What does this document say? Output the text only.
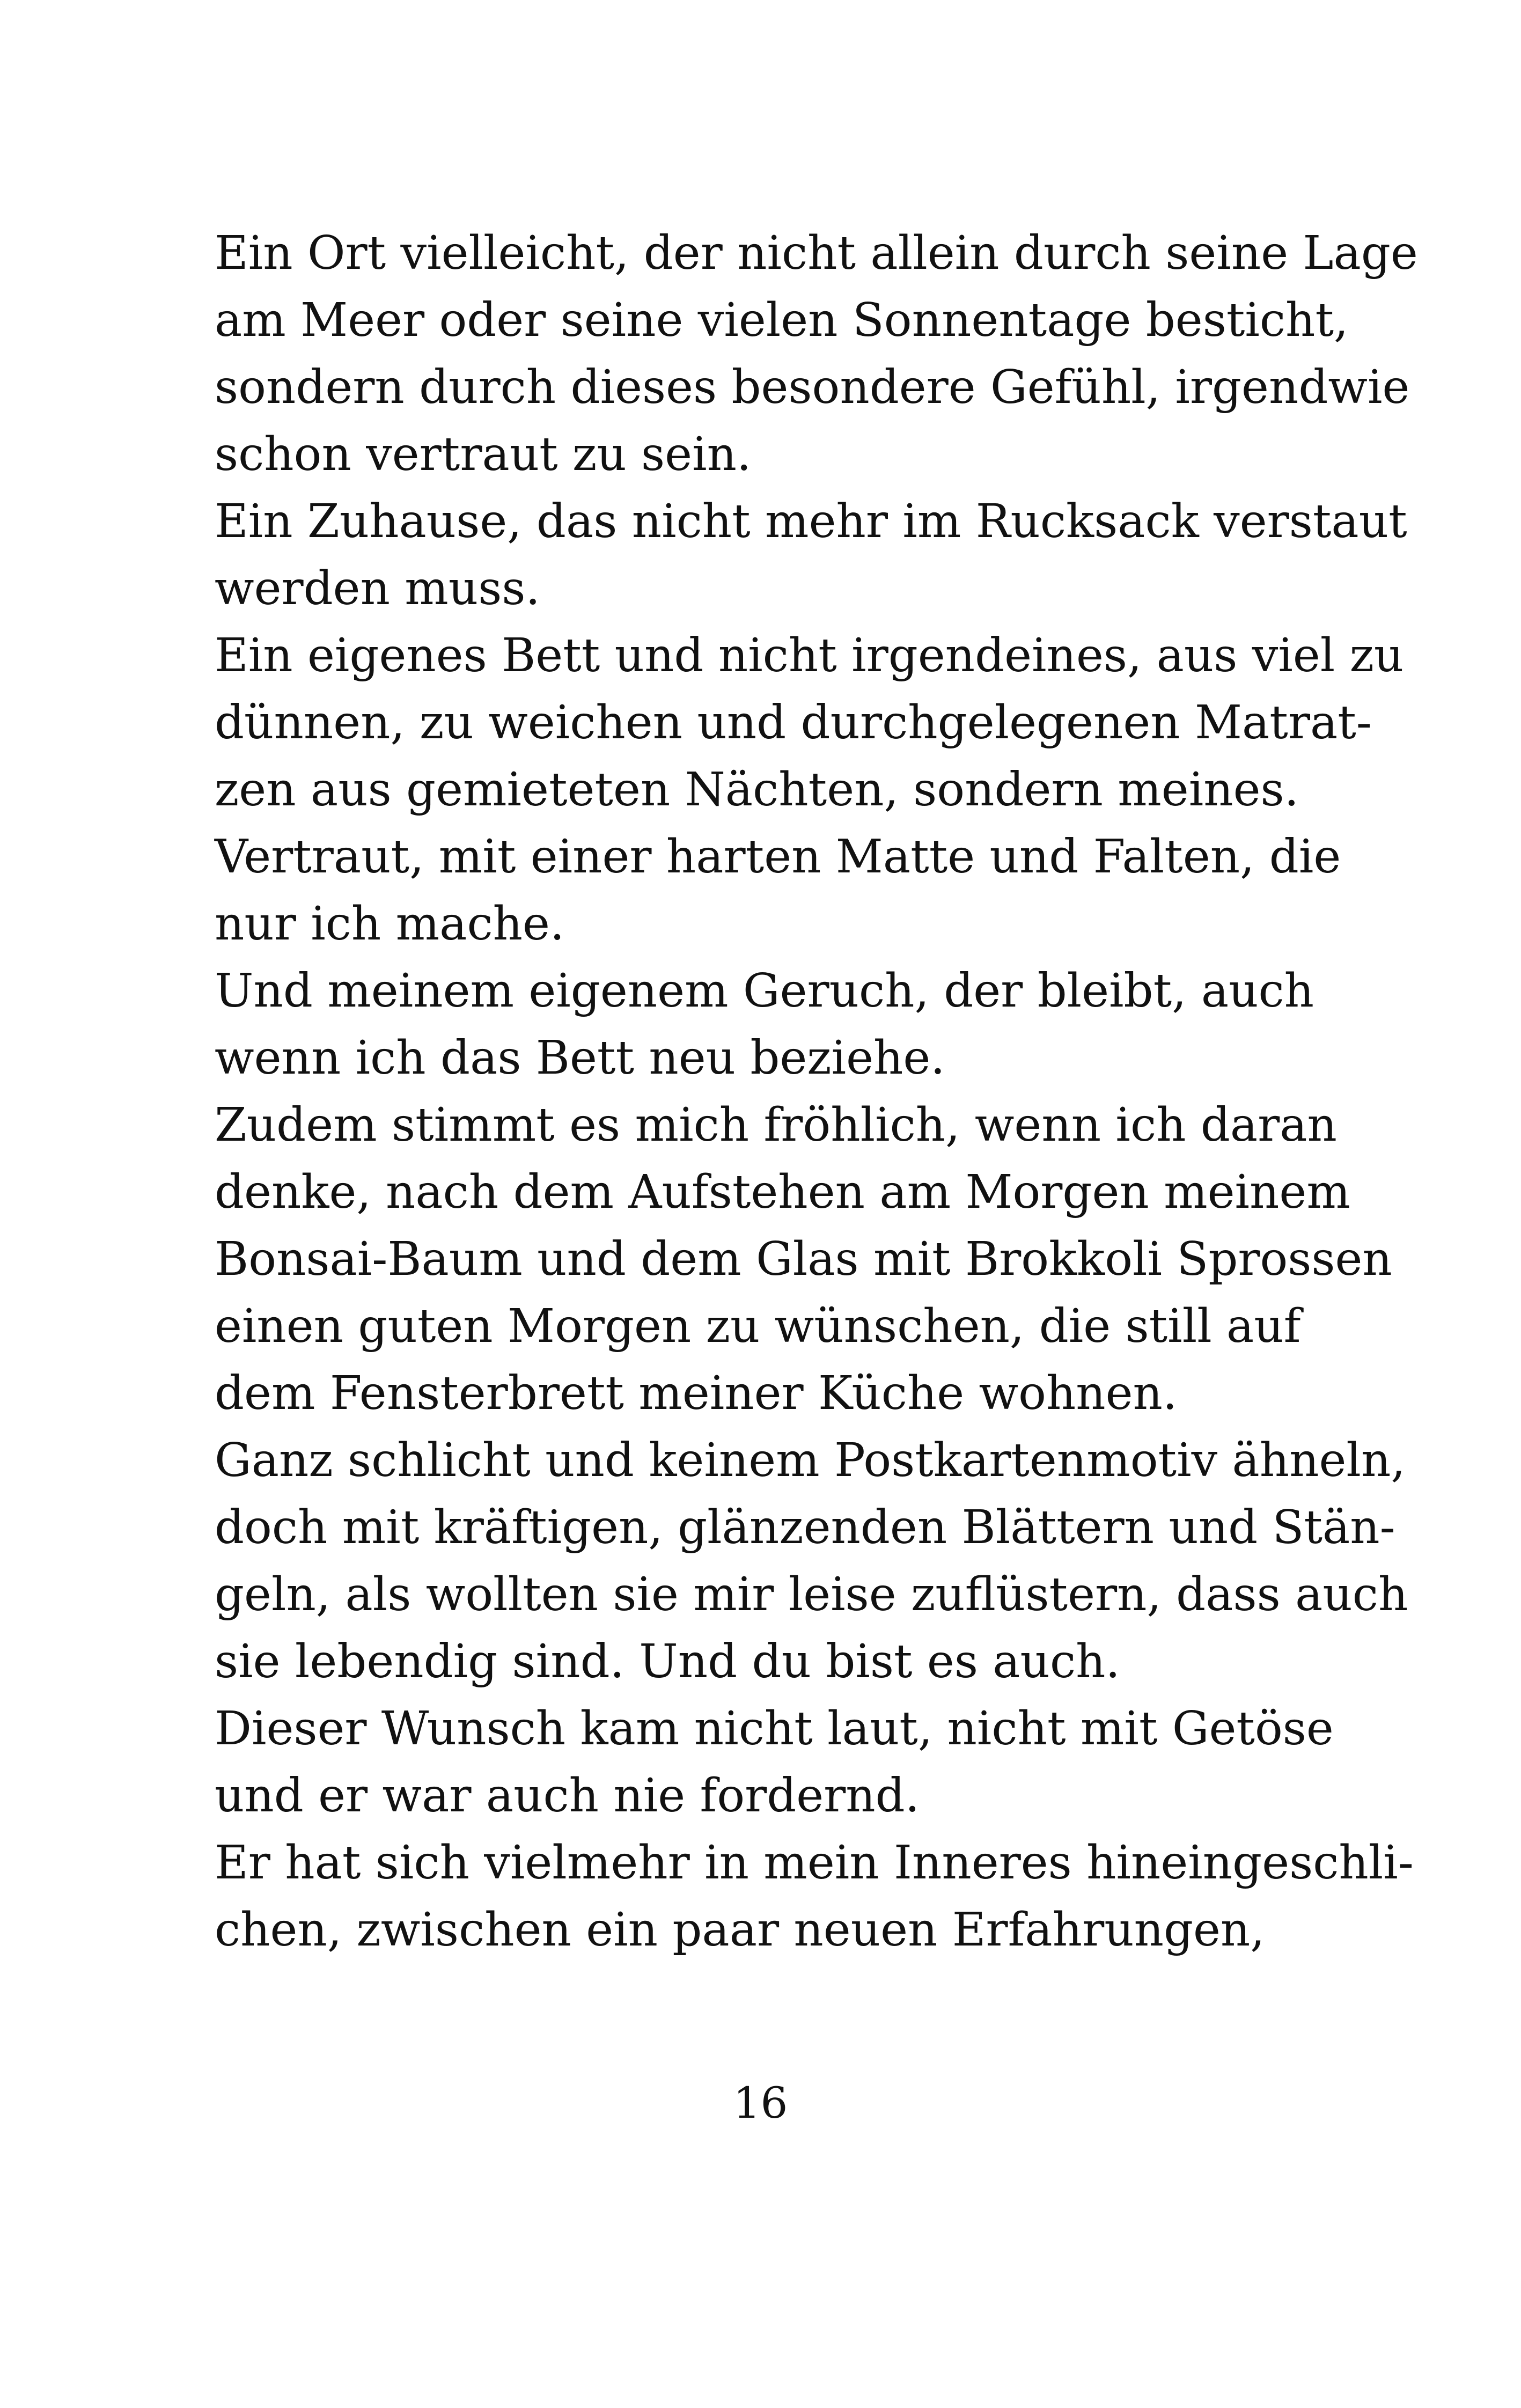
Ein Ort vielleicht, der nicht allein durch seine Lage
am Meer oder seine vielen Sonnentage besticht,
sondern durch dieses besondere Gefühl, irgendwie
schon vertraut zu sein.
Ein Zuhause, das nicht mehr im Rucksack verstaut
werden muss.
Ein eigenes Bett und nicht irgendeines, aus viel zu
dünnen, zu weichen und durchgelegenen Matrat-
zen aus gemieteten Nächten, sondern meines.
Vertraut, mit einer harten Matte und Falten, die
nur ich mache.
Und meinem eigenem Geruch, der bleibt, auch
wenn ich das Bett neu beziehe.
Zudem stimmt es mich fröhlich, wenn ich daran
denke, nach dem Aufstehen am Morgen meinem
Bonsai-Baum und dem Glas mit Brokkoli Sprossen
einen guten Morgen zu wünschen, die still auf
dem Fensterbrett meiner Küche wohnen.
Ganz schlicht und keinem Postkartenmotiv ähneln,
doch mit kräftigen, glänzenden Blättern und Stän-
geln, als wollten sie mir leise zuflüstern, dass auch
sie lebendig sind. Und du bist es auch.
Dieser Wunsch kam nicht laut, nicht mit Getöse
und er war auch nie fordernd.
Er hat sich vielmehr in mein Inneres hineingeschli-
chen, zwischen ein paar neuen Erfahrungen,
16
